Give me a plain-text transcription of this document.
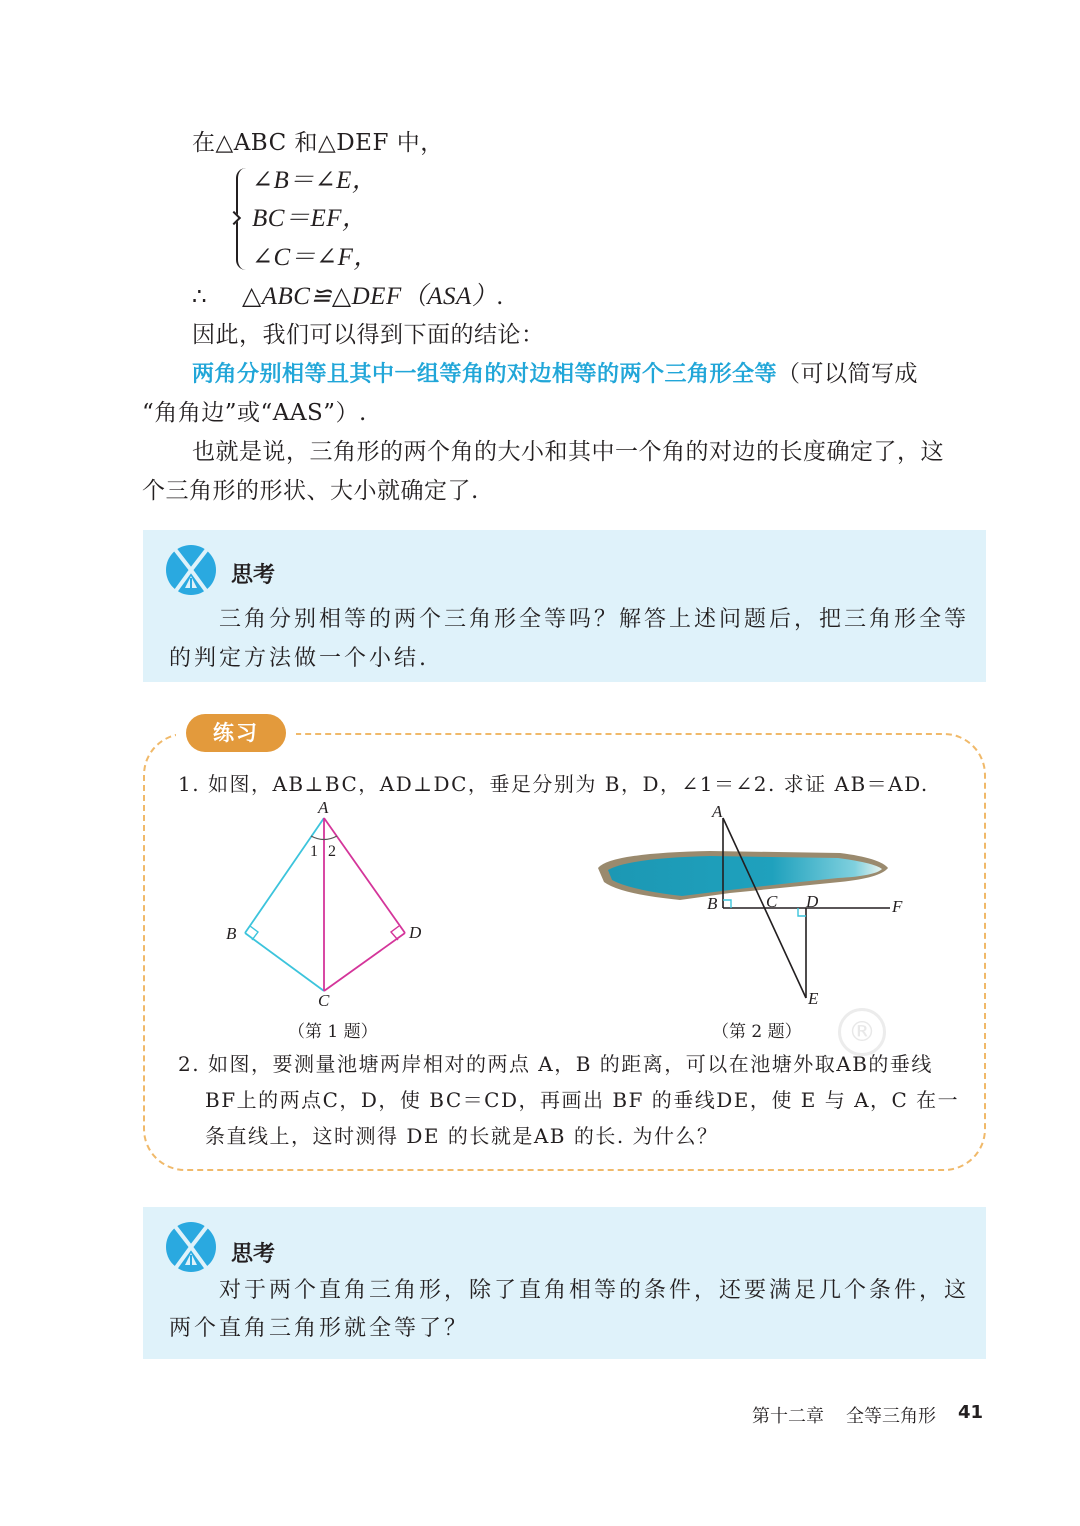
在△ABC 和△DEF 中，
∠B＝∠E，
BC＝EF，
∠C＝∠F，
∴ △ABC≌△DEF（ASA）.
因此，我们可以得到下面的结论：
两角分别相等且其中一组等角的对边相等的两个三角形全等（可以简写成
“角角边”或“AAS”）.
也就是说，三角形的两个角的大小和其中一个角的对边的长度确定了，这
个三角形的形状、大小就确定了.
思考
三角分别相等的两个三角形全等吗？解答上述问题后，把三角形全等
的判定方法做一个小结.
练习
1. 如图，AB⊥BC，AD⊥DC，垂足分别为 B，D，∠1＝∠2. 求证 AB＝AD.
A
1 2
B	D
C
（第 1 题）
A
B	C D	F
E
（第 2 题）	®
2. 如图，要测量池塘两岸相对的两点 A，B 的距离，可以在池塘外取AB的垂线
BF上的两点C，D，使 BC＝CD，再画出 BF 的垂线DE，使 E 与 A，C 在一
条直线上，这时测得 DE 的长就是AB 的长. 为什么？
思考
对于两个直角三角形，除了直角相等的条件，还要满足几个条件，这
两个直角三角形就全等了？
第十二章 全等三角形 41
